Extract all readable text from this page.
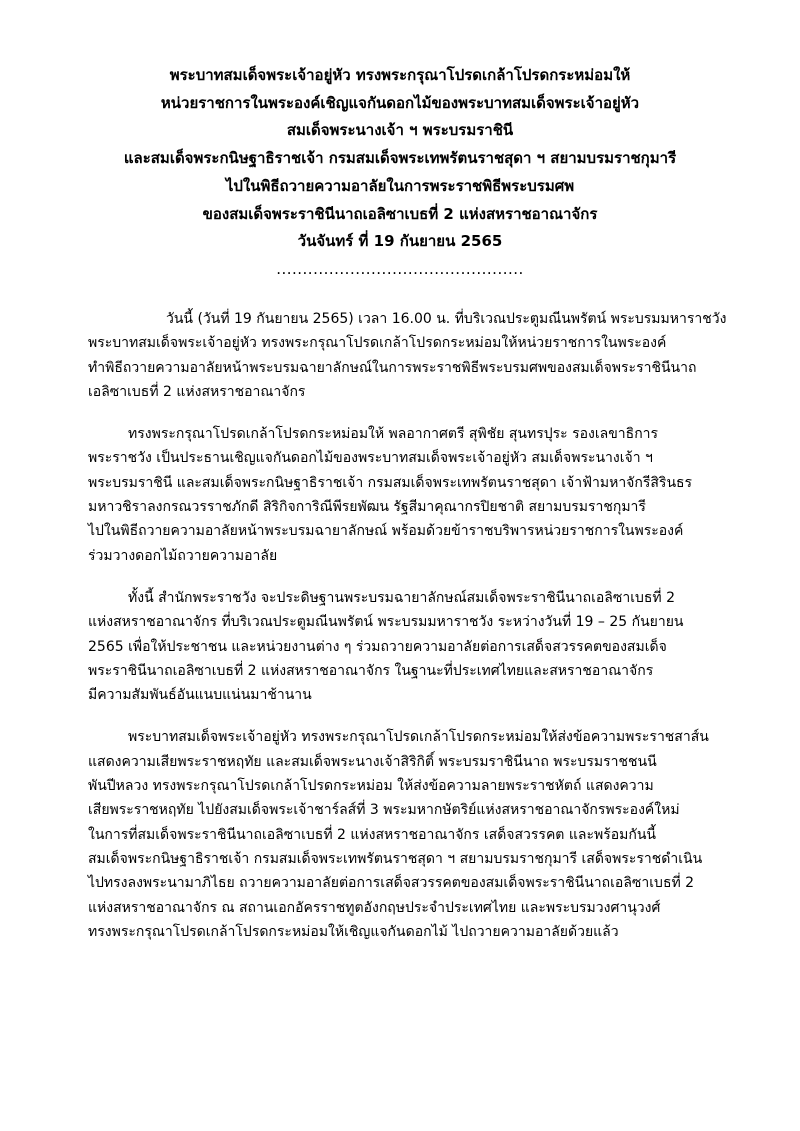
พระบาทสมเด็จพระเจ้าอยู่หัว ทรงพระกรุณาโปรดเกล้าโปรดกระหม่อมให้
หน่วยราชการในพระองค์เชิญแจกันดอกไม้ของพระบาทสมเด็จพระเจ้าอยู่หัว
สมเด็จพระนางเจ้า ฯ พระบรมราชินี
และสมเด็จพระกนิษฐาธิราชเจ้า กรมสมเด็จพระเทพรัตนราชสุดา ฯ สยามบรมราชกุมารี
ไปในพิธีถวายความอาลัยในการพระราชพิธีพระบรมศพ
ของสมเด็จพระราชินีนาถเอลิซาเบธที่ 2 แห่งสหราชอาณาจักร
วันจันทร์ ที่ 19 กันยายน 2565
...............................................

วันนี้ (วันที่ 19 กันยายน 2565) เวลา 16.00 น. ที่บริเวณประตูมณีนพรัตน์ พระบรมมหาราชวัง
พระบาทสมเด็จพระเจ้าอยู่หัว ทรงพระกรุณาโปรดเกล้าโปรดกระหม่อมให้หน่วยราชการในพระองค์
ทำพิธีถวายความอาลัยหน้าพระบรมฉายาลักษณ์ในการพระราชพิธีพระบรมศพของสมเด็จพระราชินีนาถ
เอลิซาเบธที่ 2 แห่งสหราชอาณาจักร

ทรงพระกรุณาโปรดเกล้าโปรดกระหม่อมให้ พลอากาศตรี สุพิชัย สุนทรปุระ รองเลขาธิการ
พระราชวัง เป็นประธานเชิญแจกันดอกไม้ของพระบาทสมเด็จพระเจ้าอยู่หัว สมเด็จพระนางเจ้า ฯ
พระบรมราชินี และสมเด็จพระกนิษฐาธิราชเจ้า กรมสมเด็จพระเทพรัตนราชสุดา เจ้าฟ้ามหาจักรีสิรินธร
มหาวชิราลงกรณวรราชภักดี สิริกิจการิณีพีรยพัฒน รัฐสีมาคุณากรปิยชาติ สยามบรมราชกุมารี
ไปในพิธีถวายความอาลัยหน้าพระบรมฉายาลักษณ์ พร้อมด้วยข้าราชบริพารหน่วยราชการในพระองค์
ร่วมวางดอกไม้ถวายความอาลัย

ทั้งนี้ สำนักพระราชวัง จะประดิษฐานพระบรมฉายาลักษณ์สมเด็จพระราชินีนาถเอลิซาเบธที่ 2
แห่งสหราชอาณาจักร ที่บริเวณประตูมณีนพรัตน์ พระบรมมหาราชวัง ระหว่างวันที่ 19 – 25 กันยายน
2565 เพื่อให้ประชาชน และหน่วยงานต่าง ๆ ร่วมถวายความอาลัยต่อการเสด็จสวรรคตของสมเด็จ
พระราชินีนาถเอลิซาเบธที่ 2 แห่งสหราชอาณาจักร ในฐานะที่ประเทศไทยและสหราชอาณาจักร
มีความสัมพันธ์อันแนบแน่นมาช้านาน

พระบาทสมเด็จพระเจ้าอยู่หัว ทรงพระกรุณาโปรดเกล้าโปรดกระหม่อมให้ส่งข้อความพระราชสาส์น
แสดงความเสียพระราชหฤทัย และสมเด็จพระนางเจ้าสิริกิติ์ พระบรมราชินีนาถ พระบรมราชชนนี
พันปีหลวง ทรงพระกรุณาโปรดเกล้าโปรดกระหม่อม ให้ส่งข้อความลายพระราชหัตถ์ แสดงความ
เสียพระราชหฤทัย ไปยังสมเด็จพระเจ้าชาร์ลส์ที่ 3 พระมหากษัตริย์แห่งสหราชอาณาจักรพระองค์ใหม่
ในการที่สมเด็จพระราชินีนาถเอลิซาเบธที่ 2 แห่งสหราชอาณาจักร เสด็จสวรรคต และพร้อมกันนี้
สมเด็จพระกนิษฐาธิราชเจ้า กรมสมเด็จพระเทพรัตนราชสุดา ฯ สยามบรมราชกุมารี เสด็จพระราชดำเนิน
ไปทรงลงพระนามาภิไธย ถวายความอาลัยต่อการเสด็จสวรรคตของสมเด็จพระราชินีนาถเอลิซาเบธที่ 2
แห่งสหราชอาณาจักร ณ สถานเอกอัครราชทูตอังกฤษประจำประเทศไทย และพระบรมวงศานุวงศ์
ทรงพระกรุณาโปรดเกล้าโปรดกระหม่อมให้เชิญแจกันดอกไม้ ไปถวายความอาลัยด้วยแล้ว
